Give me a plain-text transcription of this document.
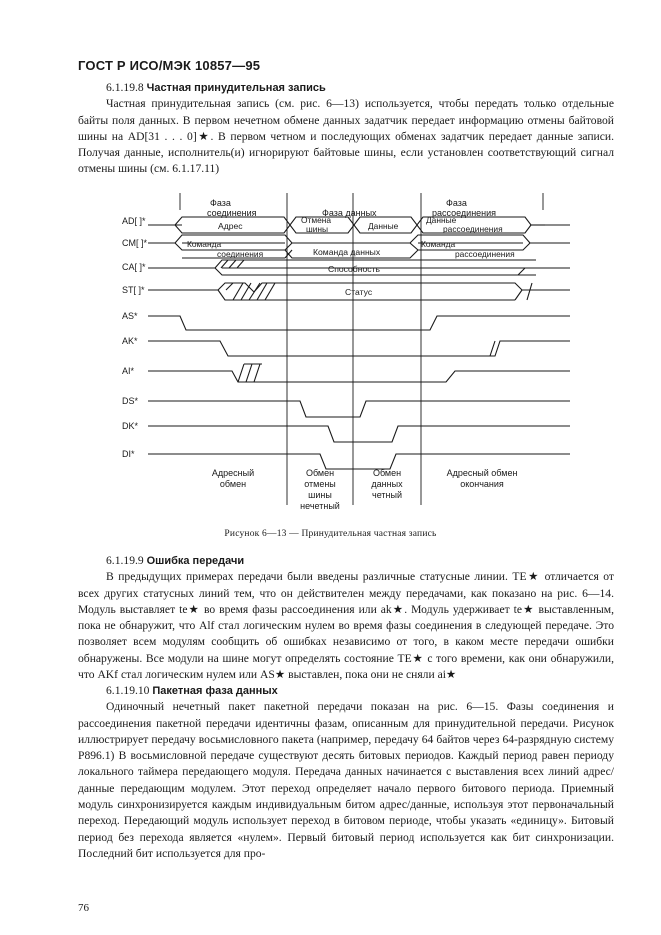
ГОСТ Р ИСО/МЭК 10857—95
6.1.19.8 Частная принудительная запись

Частная принудительная запись (см. рис. 6—13) используется, чтобы передать только отдельные байты поля данных. В первом нечетном обмене данных задатчик передает информацию отмены байтовой шины на AD[31 . . . 0]★. В первом четном и последующих обменах задатчик передает данные записи. Получая данные, исполнитель(и) игнорируют байтовые шины, если установлен соответствующий сигнал отмены шины (см. 6.1.17.11)

AD[ ]*
CM[ ]*
CA[ ]*
ST[ ]*
AS*
AK*
AI*
DS*
DK*
DI*
Фаза
соединения	Фаза данных
Фаза
рассоединения
Адрес
Отмена
шины	Данные
Данные
рассоединения
Команда
соединения	Команда данных
Команда
рассоединения
Способность
Статус
Адресный
обмен
Обмен
отмены
шины
нечетный
Обмен
данных
четный
Адресный обмен
окончания
Рисунок 6—13 — Принудительная частная запись
6.1.19.9 Ошибка передачи

В предыдущих примерах передачи были введены различные статусные линии. TE★ отличается от всех других статусных линий тем, что он действителен между передачами, как показано на рис. 6—14. Модуль выставляет te★ во время фазы рассоединения или ak★. Модуль удерживает te★ выставленным, пока не обнаружит, что Alf стал логическим нулем во время фазы соединения в следующей передаче. Это позволяет всем модулям сообщить об ошибках независимо от того, в каком месте передачи ошибки обнаружены. Все модули на шине могут определять состояние TE★ с того времени, как они обнаружили, что AKf стал логическим нулем или AS★ выставлен, пока они не сняли ai★

6.1.19.10 Пакетная фаза данных

Одиночный нечетный пакет пакетной передачи показан на рис. 6—15. Фазы соединения и рассоединения пакетной передачи идентичны фазам, описанным для принудительной передачи. Рисунок иллюстрирует передачу восьмисловного пакета (например, передачу 64 байтов через 64-разрядную систему P896.1) В восьмисловной передаче существуют десять битовых периодов. Каждый период равен периоду локального таймера передающего модуля. Передача данных начинается с выставления всех линий адрес/данные передающим модулем. Этот переход определяет начало первого битового периода. Приемный модуль синхронизируется каждым индивидуальным битом адрес/данные, используя этот первоначальный переход. Передающий модуль использует переход в битовом периоде, чтобы указать «единицу». Битовый период без перехода является «нулем». Первый битовый период используется как бит синхронизации. Последний бит используется для про-

76
